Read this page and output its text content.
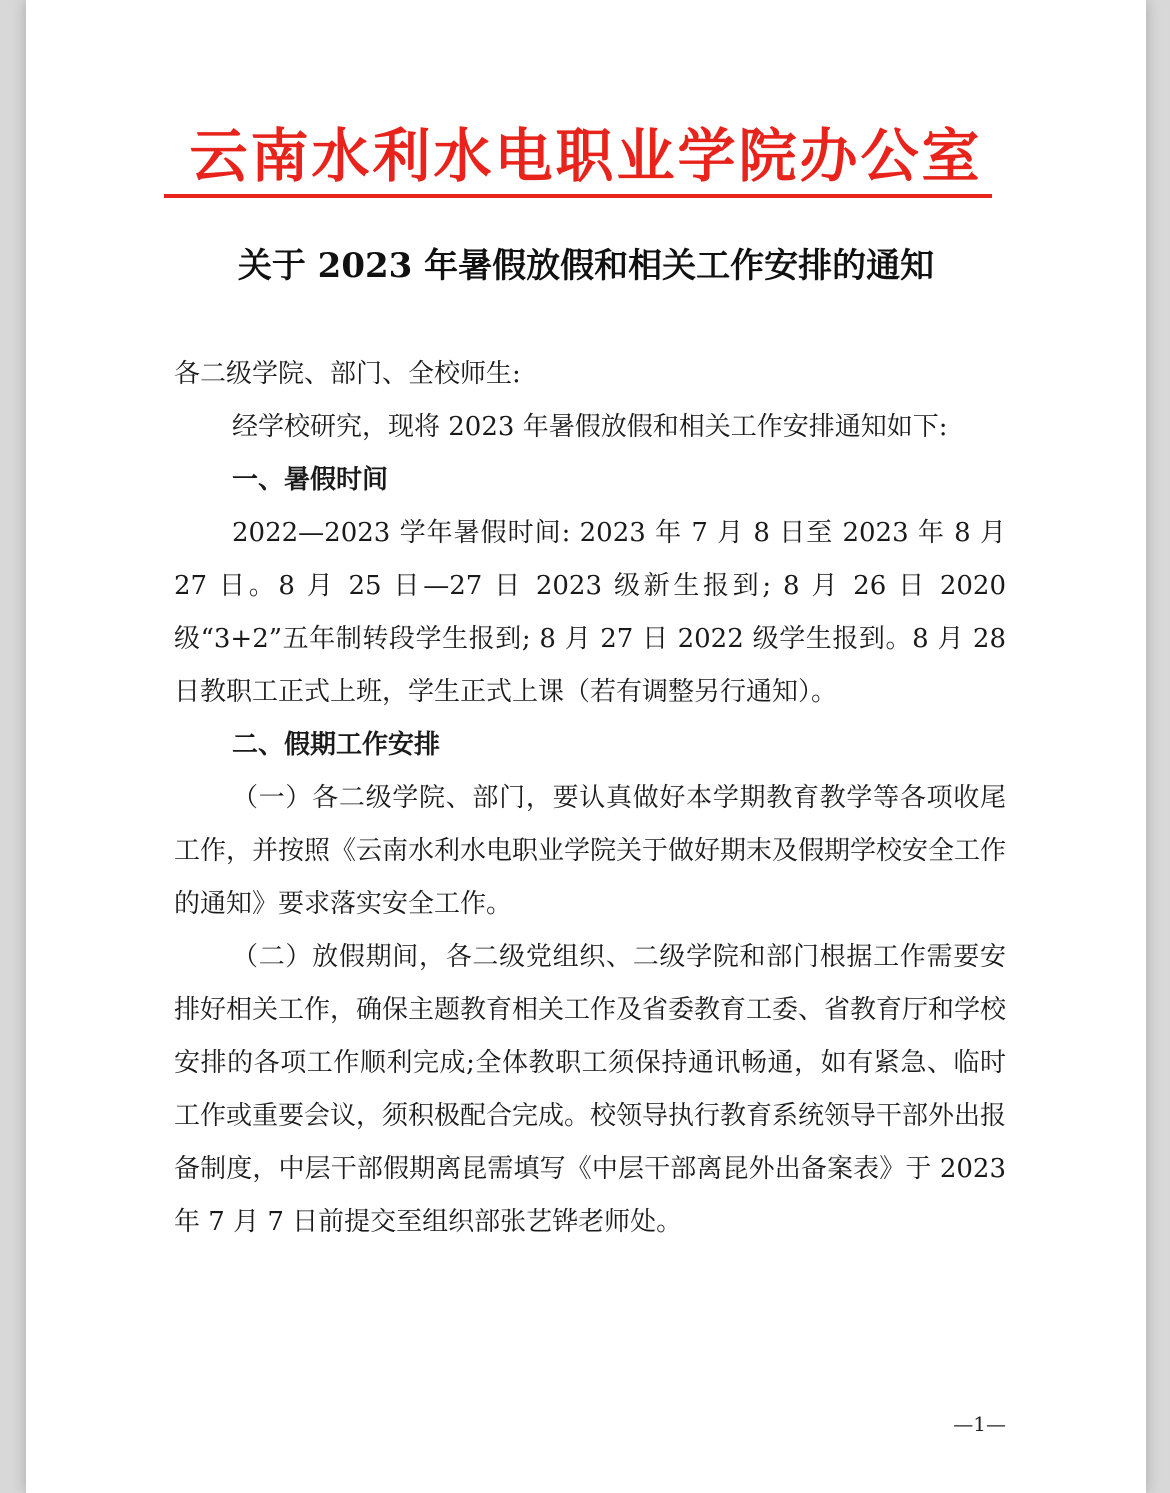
云南水利水电职业学院办公室
关于 2023 年暑假放假和相关工作安排的通知

各二级学院、部门、全校师生:

经学校研究，现将 2023 年暑假放假和相关工作安排通知如下:

一、暑假时间

2022—2023 学年暑假时间: 2023 年 7 月 8 日至 2023 年 8 月 27 日。8 月 25 日—27 日 2023 级新生报到; 8 月 26 日 2020 级“3+2”五年制转段学生报到; 8 月 27 日 2022 级学生报到。8 月 28 日教职工正式上班，学生正式上课（若有调整另行通知）。

二、假期工作安排

（一）各二级学院、部门，要认真做好本学期教育教学等各项收尾工作，并按照《云南水利水电职业学院关于做好期末及假期学校安全工作的通知》要求落实安全工作。

（二）放假期间，各二级党组织、二级学院和部门根据工作需要安排好相关工作，确保主题教育相关工作及省委教育工委、省教育厅和学校安排的各项工作顺利完成;全体教职工须保持通讯畅通，如有紧急、临时工作或重要会议，须积极配合完成。校领导执行教育系统领导干部外出报备制度，中层干部假期离昆需填写《中层干部离昆外出备案表》于 2023 年 7 月 7 日前提交至组织部张艺铧老师处。

—1—
